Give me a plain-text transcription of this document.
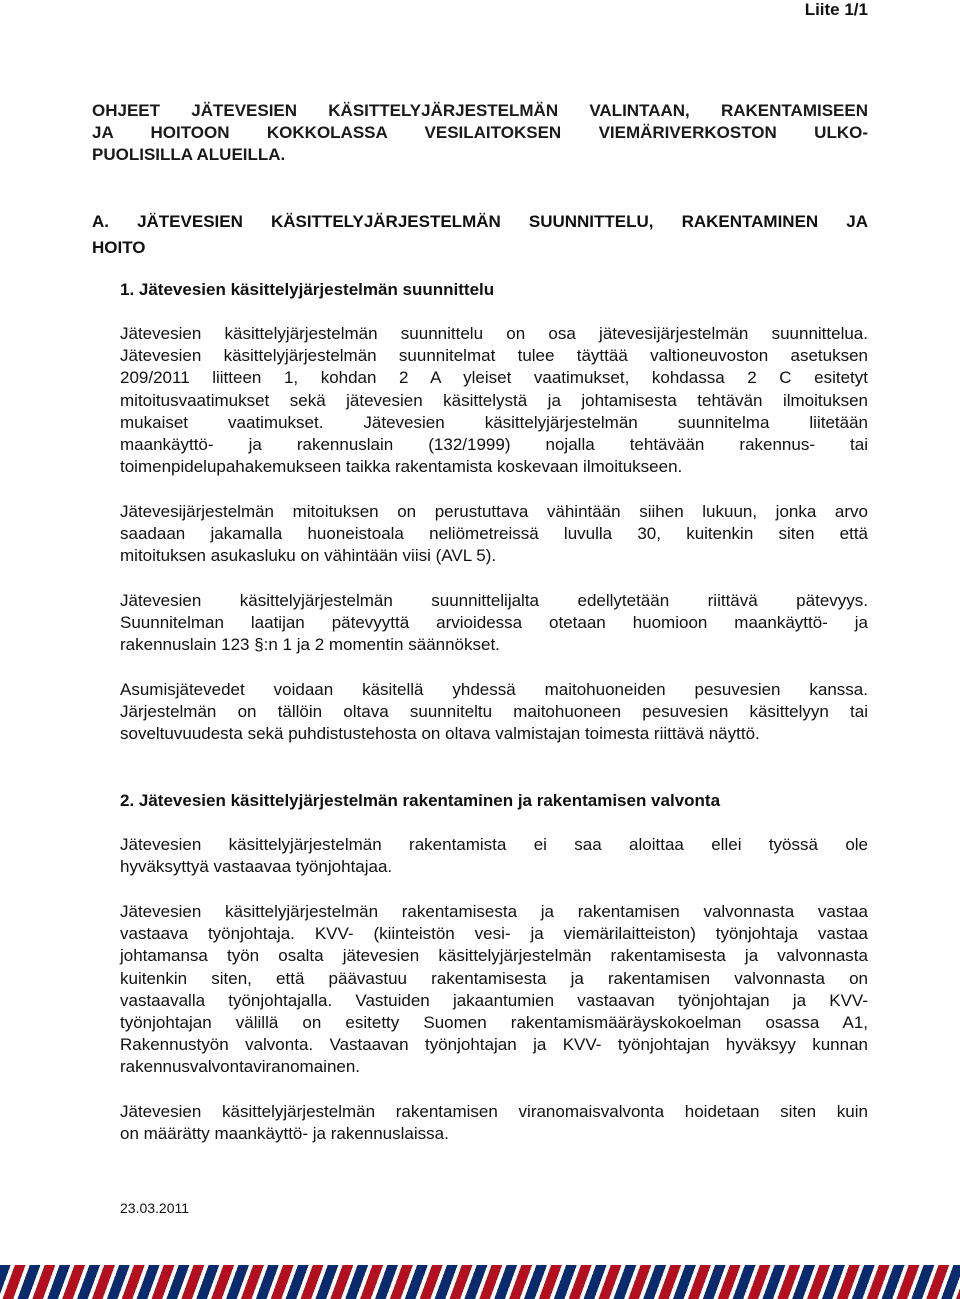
Liite 1/1
OHJEET JÄTEVESIEN KÄSITTELYJÄRJESTELMÄN VALINTAAN, RAKENTAMISEEN
JA HOITOON KOKKOLASSA VESILAITOKSEN VIEMÄRIVERKOSTON ULKO-
PUOLISILLA ALUEILLA.
A. JÄTEVESIEN KÄSITTELYJÄRJESTELMÄN SUUNNITTELU, RAKENTAMINEN JA
HOITO
1. Jätevesien käsittelyjärjestelmän suunnittelu
Jätevesien käsittelyjärjestelmän suunnittelu on osa jätevesijärjestelmän suunnittelua.
Jätevesien käsittelyjärjestelmän suunnitelmat tulee täyttää valtioneuvoston asetuksen
209/2011 liitteen 1, kohdan 2 A yleiset vaatimukset, kohdassa 2 C esitetyt
mitoitusvaatimukset sekä jätevesien käsittelystä ja johtamisesta tehtävän ilmoituksen
mukaiset vaatimukset. Jätevesien käsittelyjärjestelmän suunnitelma liitetään
maankäyttö- ja rakennuslain (132/1999) nojalla tehtävään rakennus- tai
toimenpidelupahakemukseen taikka rakentamista koskevaan ilmoitukseen.
Jätevesijärjestelmän mitoituksen on perustuttava vähintään siihen lukuun, jonka arvo
saadaan jakamalla huoneistoala neliömetreissä luvulla 30, kuitenkin siten että
mitoituksen asukasluku on vähintään viisi (AVL 5).
Jätevesien käsittelyjärjestelmän suunnittelijalta edellytetään riittävä pätevyys.
Suunnitelman laatijan pätevyyttä arvioidessa otetaan huomioon maankäyttö- ja
rakennuslain 123 §:n 1 ja 2 momentin säännökset.
Asumisjätevedet voidaan käsitellä yhdessä maitohuoneiden pesuvesien kanssa.
Järjestelmän on tällöin oltava suunniteltu maitohuoneen pesuvesien käsittelyyn tai
soveltuvuudesta sekä puhdistustehosta on oltava valmistajan toimesta riittävä näyttö.
2. Jätevesien käsittelyjärjestelmän rakentaminen ja rakentamisen valvonta
Jätevesien käsittelyjärjestelmän rakentamista ei saa aloittaa ellei työssä ole
hyväksyttyä vastaavaa työnjohtajaa.
Jätevesien käsittelyjärjestelmän rakentamisesta ja rakentamisen valvonnasta vastaa
vastaava työnjohtaja. KVV- (kiinteistön vesi- ja viemärilaitteiston) työnjohtaja vastaa
johtamansa työn osalta jätevesien käsittelyjärjestelmän rakentamisesta ja valvonnasta
kuitenkin siten, että päävastuu rakentamisesta ja rakentamisen valvonnasta on
vastaavalla työnjohtajalla. Vastuiden jakaantumien vastaavan työnjohtajan ja KVV-
työnjohtajan välillä on esitetty Suomen rakentamismääräyskokoelman osassa A1,
Rakennustyön valvonta. Vastaavan työnjohtajan ja KVV- työnjohtajan hyväksyy kunnan
rakennusvalvontaviranomainen.
Jätevesien käsittelyjärjestelmän rakentamisen viranomaisvalvonta hoidetaan siten kuin
on määrätty maankäyttö- ja rakennuslaissa.
23.03.2011
